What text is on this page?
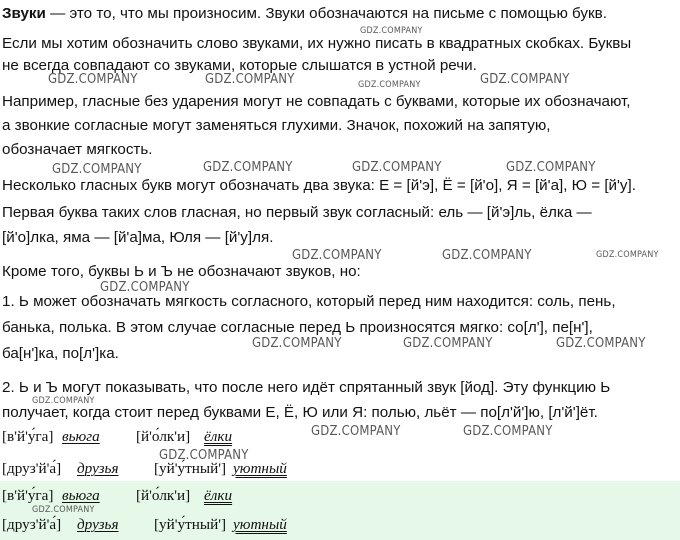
Звуки — это то, что мы произносим. Звуки обозначаются на письме с помощью букв.
Если мы хотим обозначить слово звуками, их нужно писать в квадратных скобках. Буквы
не всегда совпадают со звуками, которые слышатся в устной речи.
Например, гласные без ударения могут не совпадать с буквами, которые их обозначают,
а звонкие согласные могут заменяться глухими. Значок, похожий на запятую,
обозначает мягкость.
Несколько гласных букв могут обозначать два звука: Е = [й'э], Ё = [й'о], Я = [й'а], Ю = [й'у].
Первая буква таких слов гласная, но первый звук согласный: ель — [й'э]ль, ёлка —
[й'о]лка, яма — [й'а]ма, Юля — [й'у]ля.
Кроме того, буквы Ь и Ъ не обозначают звуков, но:
1. Ь может обозначать мягкость согласного, который перед ним находится: соль, пень,
банька, полька. В этом случае согласные перед Ь произносятся мягко: со[л'], пе[н'],
ба[н']ка, по[л']ка.
2. Ь и Ъ могут показывать, что после него идёт спрятанный звук [йод]. Эту функцию Ь
получает, когда стоит перед буквами Е, Ё, Ю или Я: полью, льёт — по[л'й']ю, [л'й']ёт.
[в'й'у́га] вьюга [й'о́лк'и] ёлки
[друз'й'а́] друзья [уй'у́тный'] уютный
[в'й'у́га] вьюга [й'о́лк'и] ёлки
[друз'й'а́] друзья [уй'у́тный'] уютный
GDZ.COMPANY
GDZ.COMPANY	GDZ.COMPANY	GDZ.COMPANY	GDZ.COMPANY
GDZ.COMPANY	GDZ.COMPANY	GDZ.COMPANY	GDZ.COMPANY
GDZ.COMPANY	GDZ.COMPANY	GDZ.COMPANY
GDZ.COMPANY
GDZ.COMPANY	GDZ.COMPANY	GDZ.COMPANY
GDZ.COMPANY
GDZ.COMPANY	GDZ.COMPANY
GDZ.COMPANY
GDZ.COMPANY
